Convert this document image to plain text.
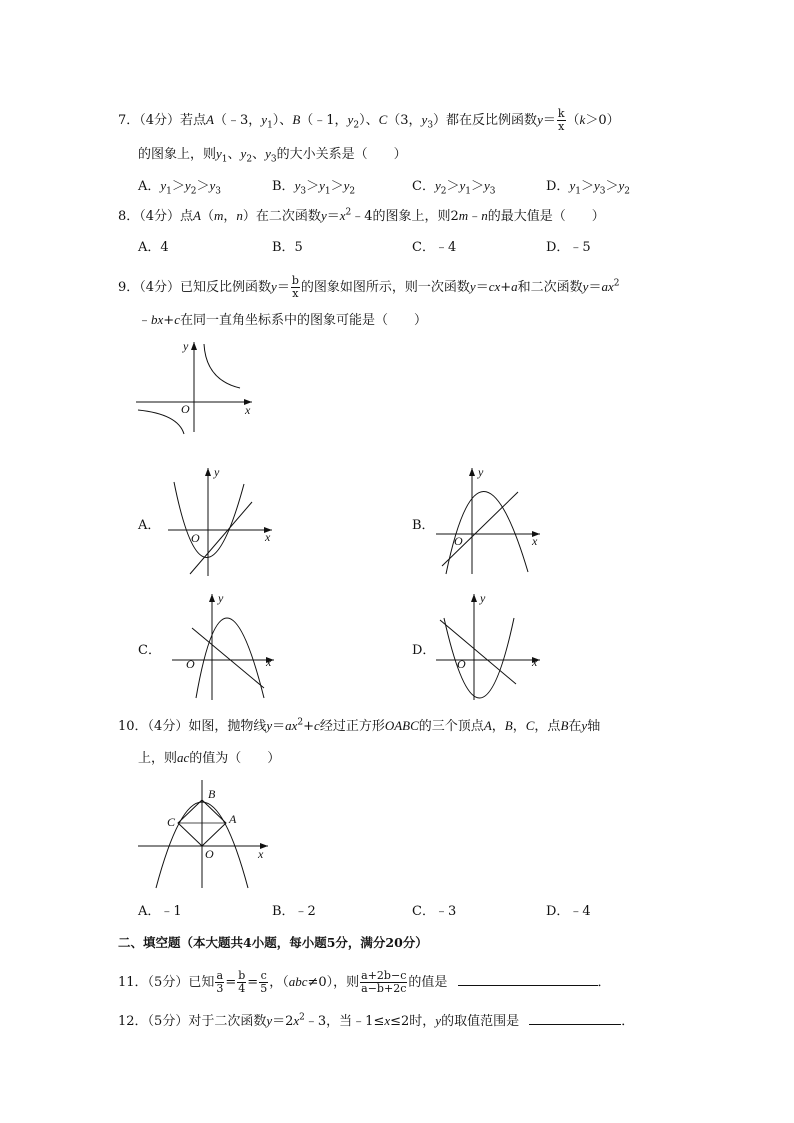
7．（4分）若点A（﹣3，$y_1$）、B（﹣1，$y_2$）、C（3，$y_3$）都在反比例函数$y= \frac{k}{x} (k>0)$
的图象上，则$y_1$、$y_2$、$y_3$的大小关系是（　　）
A．$y_1>y_2>y_3$	B．$y_3>y_1>y_2$	C．$y_2>y_1>y_3$	D．$y_1>y_3>y_2$
8．（4分）点A（m，n）在二次函数$y=x^2﹣4$的图象上，则2m﹣n的最大值是（　　）
A．4	B．5	C．﹣4	D．﹣5
9．（4分）已知反比例函数$y= \frac{b}{x}$ 的图象如图所示，则一次函数y＝cx+a和二次函数$y=ax^2$
﹣bx+c在同一直角坐标系中的图象可能是（　　）
y
x
O
A．
y
x
O
B．
y
x
O
C．
y
x
O
D．
y
x
O
10．（4分）如图，抛物线$y=ax^2+c$经过正方形OABC的三个顶点A，B，C，点B在y轴
上，则ac的值为（　　）
B
C	A
O	x
A．﹣1	B．﹣2	C．﹣3	D．﹣4
二、填空题（本大题共4小题，每小题5分，满分20分）
11．（5分）已知 $\frac{a}{3} = \frac{b}{4} = \frac{c}{5}$ ，（abc≠0），则 $\frac{a+2b-c}{a-b+2c}$ 的值是	．
12．（5分）对于二次函数$y=2x^2﹣3$，当﹣1≤x≤2时，y的取值范围是	．
